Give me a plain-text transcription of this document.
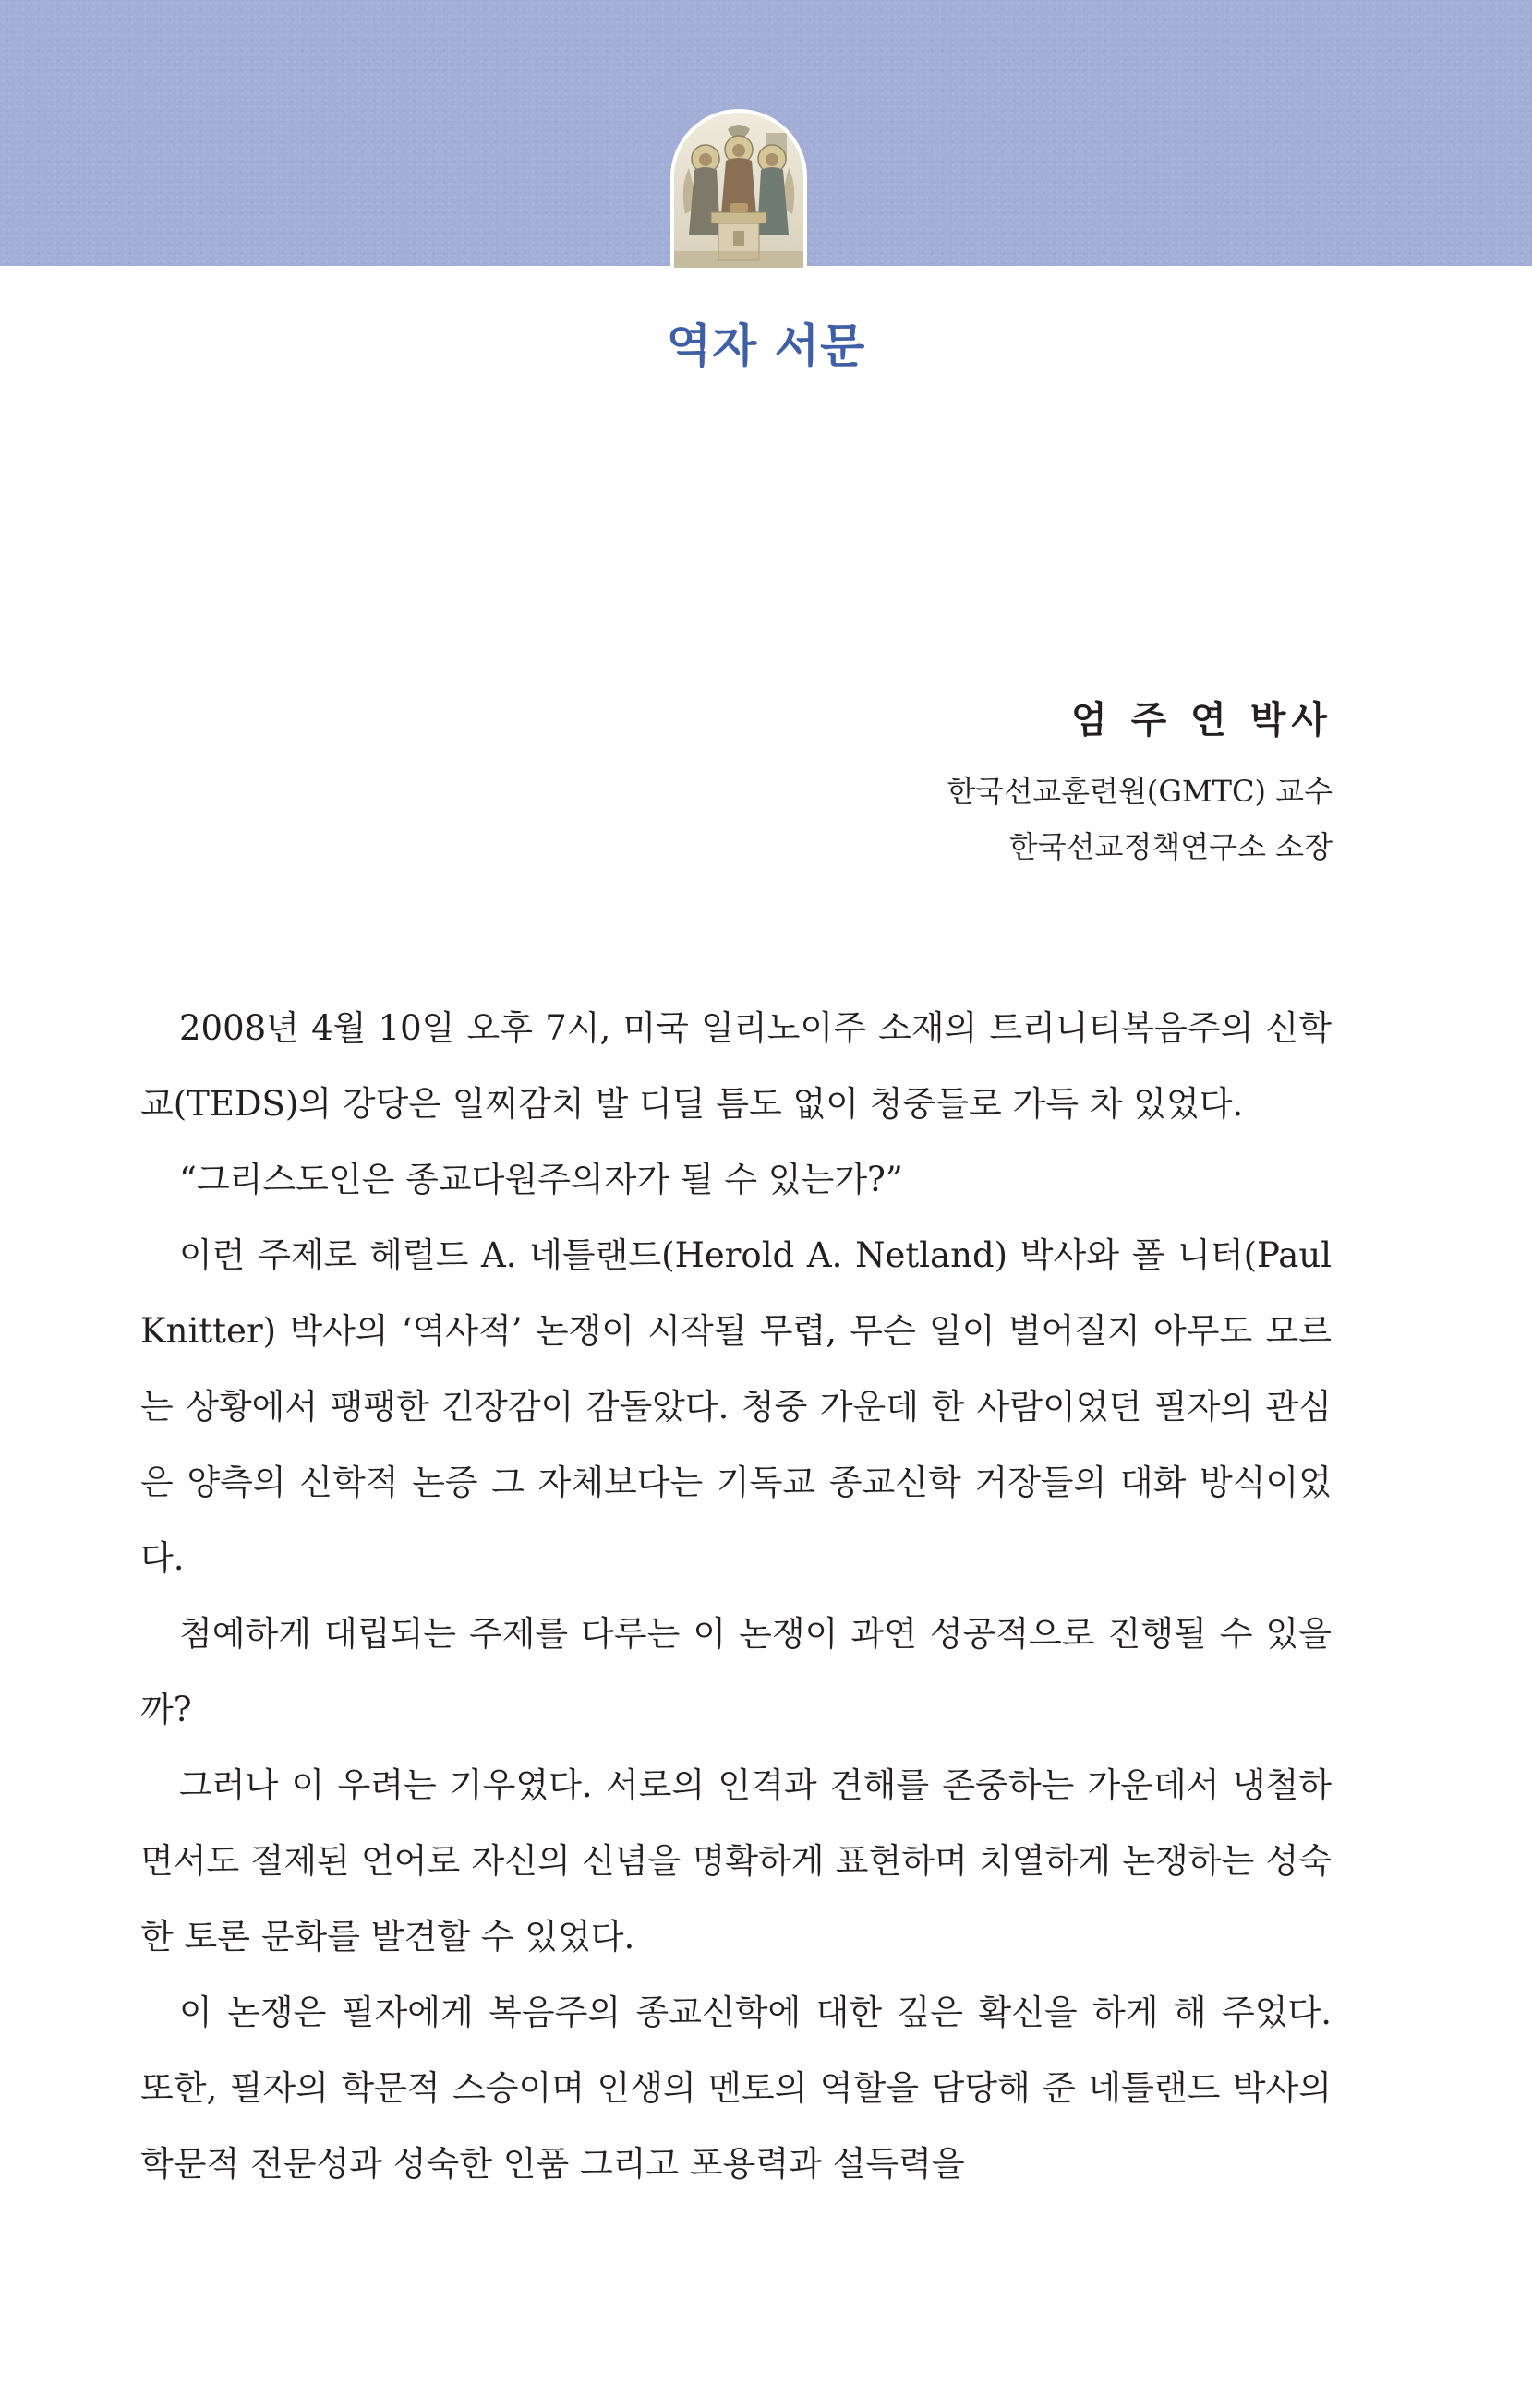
역자 서문
엄 주 연 박사
한국선교훈련원(GMTC) 교수
한국선교정책연구소 소장

2008년 4월 10일 오후 7시, 미국 일리노이주 소재의 트리니티복음주의 신학교(TEDS)의 강당은 일찌감치 발 디딜 틈도 없이 청중들로 가득 차 있었다.

“그리스도인은 종교다원주의자가 될 수 있는가?”

이런 주제로 헤럴드 A. 네틀랜드(Herold A. Netland) 박사와 폴 니터(Paul Knitter) 박사의 ‘역사적’ 논쟁이 시작될 무렵, 무슨 일이 벌어질지 아무도 모르는 상황에서 팽팽한 긴장감이 감돌았다. 청중 가운데 한 사람이었던 필자의 관심은 양측의 신학적 논증 그 자체보다는 기독교 종교신학 거장들의 대화 방식이었다.

첨예하게 대립되는 주제를 다루는 이 논쟁이 과연 성공적으로 진행될 수 있을까?

그러나 이 우려는 기우였다. 서로의 인격과 견해를 존중하는 가운데서 냉철하면서도 절제된 언어로 자신의 신념을 명확하게 표현하며 치열하게 논쟁하는 성숙한 토론 문화를 발견할 수 있었다.

이 논쟁은 필자에게 복음주의 종교신학에 대한 깊은 확신을 하게 해 주었다. 또한, 필자의 학문적 스승이며 인생의 멘토의 역할을 담당해 준 네틀랜드 박사의 학문적 전문성과 성숙한 인품 그리고 포용력과 설득력을
